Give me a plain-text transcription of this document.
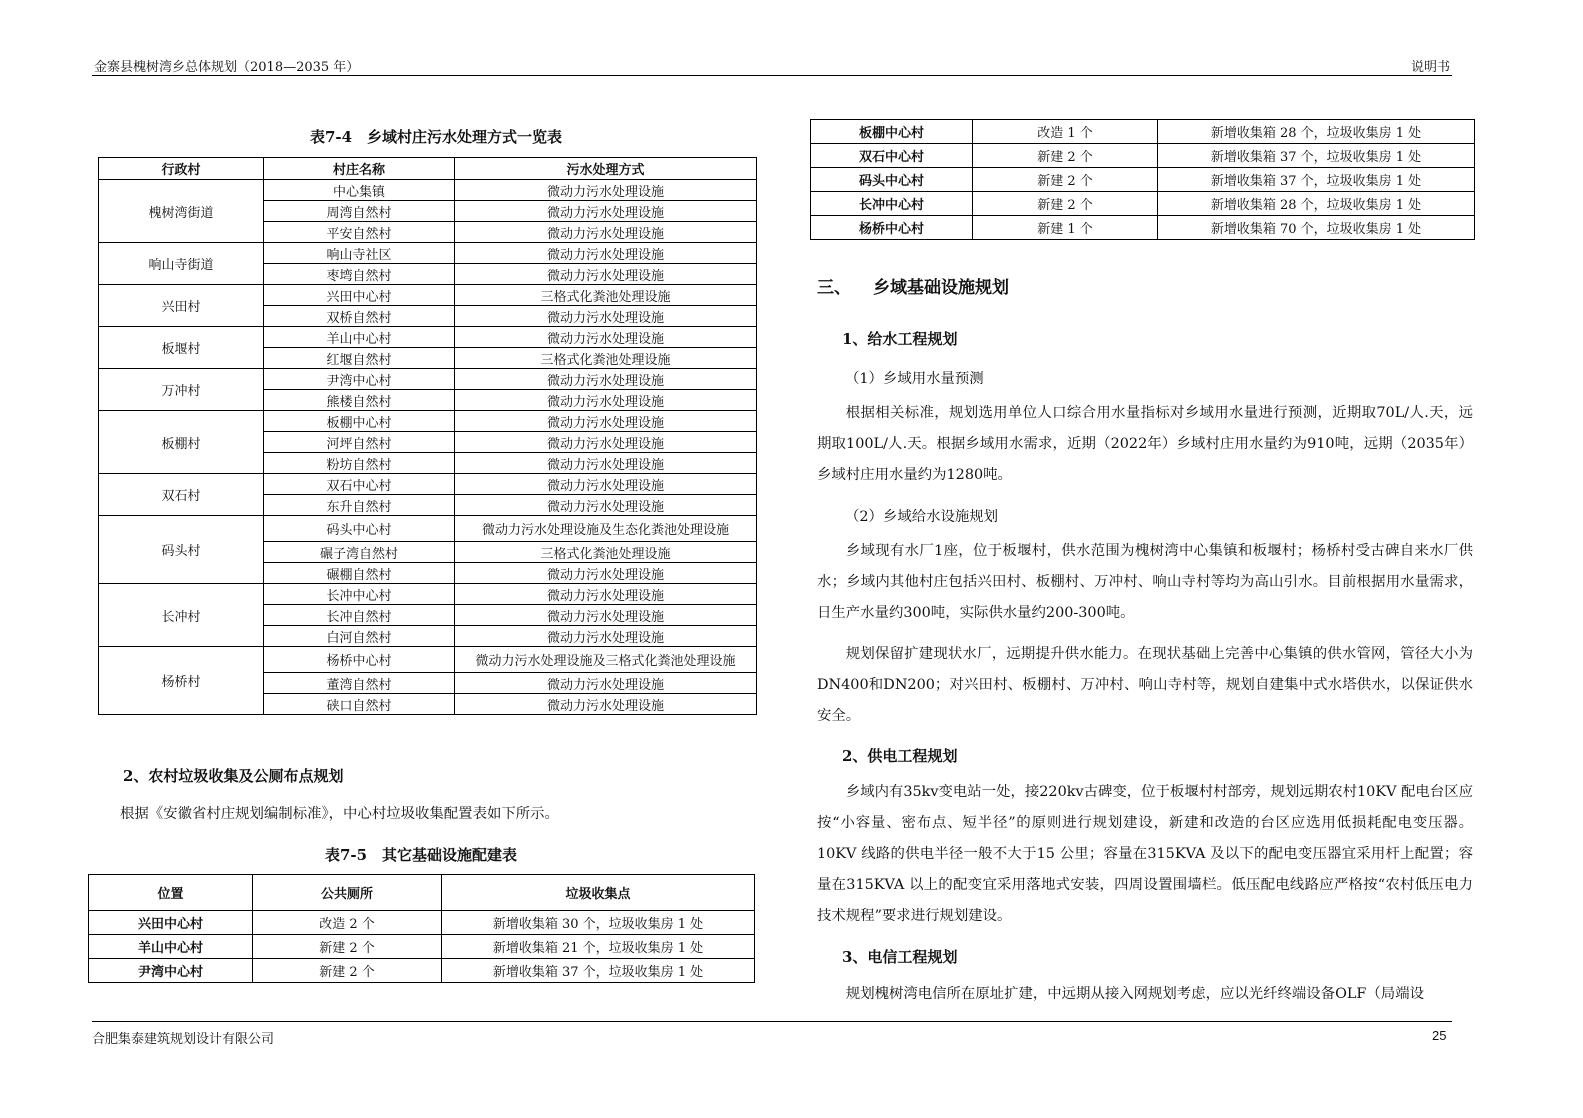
金寨县槐树湾乡总体规划（2018—2035 年）	说明书
表7-4　乡域村庄污水处理方式一览表
行政村	村庄名称	污水处理方式
槐树湾街道	中心集镇	微动力污水处理设施
	周湾自然村	微动力污水处理设施
	平安自然村	微动力污水处理设施
响山寺街道	响山寺社区	微动力污水处理设施
	枣塆自然村	微动力污水处理设施
兴田村	兴田中心村	三格式化粪池处理设施
	双桥自然村	微动力污水处理设施
板堰村	羊山中心村	微动力污水处理设施
	红堰自然村	三格式化粪池处理设施
万冲村	尹湾中心村	微动力污水处理设施
	熊楼自然村	微动力污水处理设施
板棚村	板棚中心村	微动力污水处理设施
	河坪自然村	微动力污水处理设施
	粉坊自然村	微动力污水处理设施
双石村	双石中心村	微动力污水处理设施
	东升自然村	微动力污水处理设施
码头村	码头中心村	微动力污水处理设施及生态化粪池处理设施
	碾子湾自然村	三格式化粪池处理设施
	碾棚自然村	微动力污水处理设施
长冲村	长冲中心村	微动力污水处理设施
	长冲自然村	微动力污水处理设施
	白河自然村	微动力污水处理设施
杨桥村	杨桥中心村	微动力污水处理设施及三格式化粪池处理设施
	董湾自然村	微动力污水处理设施
	硖口自然村	微动力污水处理设施
2、农村垃圾收集及公厕布点规划
根据《安徽省村庄规划编制标准》，中心村垃圾收集配置表如下所示。
表7-5　其它基础设施配建表
位置	公共厕所	垃圾收集点
兴田中心村	改造 2 个	新增收集箱 30 个，垃圾收集房 1 处
羊山中心村	新建 2 个	新增收集箱 21 个，垃圾收集房 1 处
尹湾中心村	新建 2 个	新增收集箱 37 个，垃圾收集房 1 处
板棚中心村	改造 1 个	新增收集箱 28 个，垃圾收集房 1 处
双石中心村	新建 2 个	新增收集箱 37 个，垃圾收集房 1 处
码头中心村	新建 2 个	新增收集箱 37 个，垃圾收集房 1 处
长冲中心村	新建 2 个	新增收集箱 28 个，垃圾收集房 1 处
杨桥中心村	新建 1 个	新增收集箱 70 个，垃圾收集房 1 处
三、 乡域基础设施规划
1、给水工程规划
（1）乡域用水量预测
根据相关标准，规划选用单位人口综合用水量指标对乡域用水量进行预测，近期取70L/人.天，远期取100L/人.天。根据乡域用水需求，近期（2022年）乡域村庄用水量约为910吨，远期（2035年）乡域村庄用水量约为1280吨。
（2）乡域给水设施规划
乡域现有水厂1座，位于板堰村，供水范围为槐树湾中心集镇和板堰村；杨桥村受古碑自来水厂供水；乡域内其他村庄包括兴田村、板棚村、万冲村、响山寺村等均为高山引水。目前根据用水量需求，日生产水量约300吨，实际供水量约200-300吨。
规划保留扩建现状水厂，远期提升供水能力。在现状基础上完善中心集镇的供水管网，管径大小为DN400和DN200；对兴田村、板棚村、万冲村、响山寺村等，规划自建集中式水塔供水，以保证供水安全。
2、供电工程规划
乡域内有35kv变电站一处，接220kv古碑变，位于板堰村村部旁，规划远期农村10KV 配电台区应按“小容量、密布点、短半径”的原则进行规划建设，新建和改造的台区应选用低损耗配电变压器。10KV 线路的供电半径一般不大于15 公里；容量在315KVA 及以下的配电变压器宜采用杆上配置；容量在315KVA 以上的配变宜采用落地式安装，四周设置围墙栏。低压配电线路应严格按“农村低压电力技术规程”要求进行规划建设。
3、电信工程规划
规划槐树湾电信所在原址扩建，中远期从接入网规划考虑，应以光纤终端设备OLF（局端设
合肥集泰建筑规划设计有限公司	25
